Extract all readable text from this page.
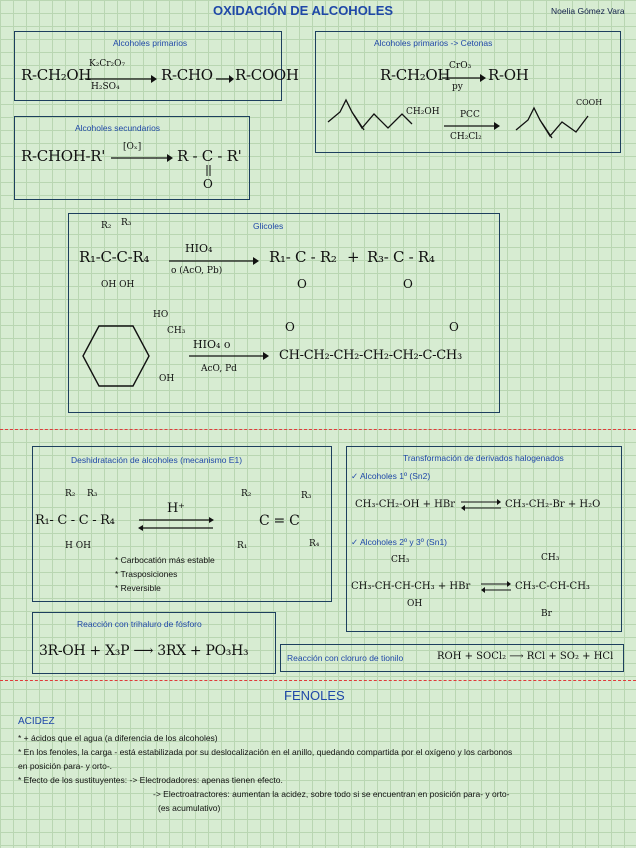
OXIDACIÓN DE ALCOHOLES	Noelia Gómez Vara
Alcoholes primarios
R-CH₂OH
K₂Cr₂O₇
H₂SO₄
R-CHO R-COOH
Alcoholes primarios -> Cetonas
R-CH₂OH
CrO₃
py
R-OH
CH₂OH PCC
CH₂Cl₂
COOH
Alcoholes secundarios
R-CHOH-R' [Oₓ] R - C - R'
O
Glicoles
R₂ R₃
R₁-C-C-R₄
OH OH
HIO₄
o (AcO, Pb)
R₁- C - R₂ + R₃- C - R₄
O	O
HO
CH₃
OH
HIO₄ o
AcO, Pd
O	O
CH-CH₂-CH₂-CH₂-CH₂-C-CH₃
Deshidratación de alcoholes (mecanismo E1)
R₂ R₃
R₁- C - C - R₄
H OH
H⁺
R₂	R₃
C = C
R₁	R₄
* Carbocatión más estable
* Trasposiciones
* Reversible
Transformación de derivados halogenados
✓ Alcoholes 1º (Sn2)
CH₃-CH₂-OH + HBr	CH₃-CH₂-Br + H₂O
✓ Alcoholes 2º y 3º (Sn1)
CH₃
CH₃-CH-CH-CH₃ + HBr
OH
CH₃
CH₃-C-CH-CH₃
Br
Reacción con trihaluro de fósforo
3R-OH + X₃P ⟶ 3RX + PO₃H₃	Reacción con cloruro de tionilo	ROH + SOCl₂ ⟶ RCl + SO₂ + HCl
FENOLES
ACIDEZ
* + ácidos que el agua (a diferencia de los alcoholes)
* En los fenoles, la carga - está estabilizada por su deslocalización en el anillo, quedando compartida por el oxígeno y los carbonos
en posición para- y orto-.
* Efecto de los sustituyentes: -> Electrodadores: apenas tienen efecto.
-> Electroatractores: aumentan la acidez, sobre todo si se encuentran en posición para- y orto-
(es acumulativo)
